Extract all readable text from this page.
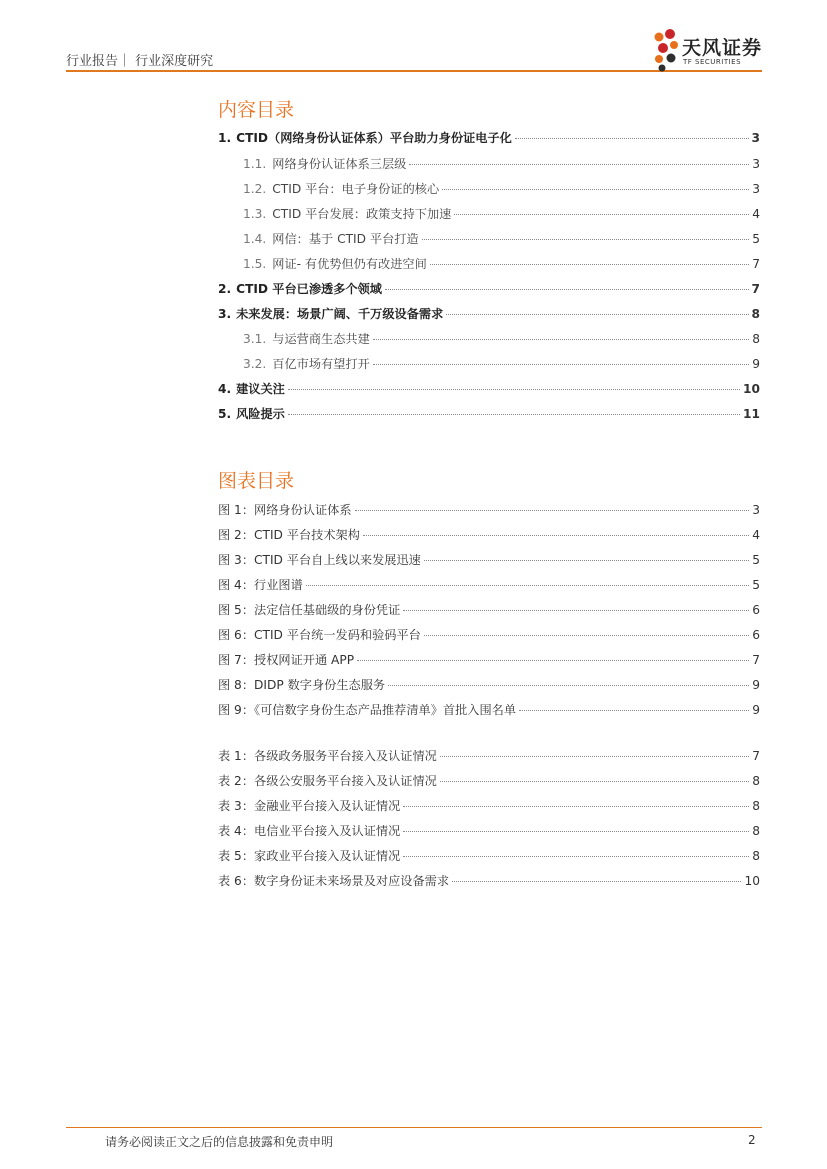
行业报告｜ 行业深度研究
天风证券
TF SECURITIES
内容目录
1. CTID（网络身份认证体系）平台助力身份证电子化	3
1.1. 网络身份认证体系三层级	3
1.2. CTID 平台：电子身份证的核心	3
1.3. CTID 平台发展：政策支持下加速	4
1.4. 网信：基于 CTID 平台打造	5
1.5. 网证- 有优势但仍有改进空间	7
2. CTID 平台已渗透多个领域	7
3. 未来发展：场景广阔、千万级设备需求	8
3.1. 与运营商生态共建	8
3.2. 百亿市场有望打开	9
4. 建议关注	10
5. 风险提示	11
图表目录
图 1：网络身份认证体系	3
图 2：CTID 平台技术架构	4
图 3：CTID 平台自上线以来发展迅速	5
图 4：行业图谱	5
图 5：法定信任基础级的身份凭证	6
图 6：CTID 平台统一发码和验码平台	6
图 7：授权网证开通 APP	7
图 8：DIDP 数字身份生态服务	9
图 9：《可信数字身份生态产品推荐清单》首批入围名单	9
表 1：各级政务服务平台接入及认证情况	7
表 2：各级公安服务平台接入及认证情况	8
表 3：金融业平台接入及认证情况	8
表 4：电信业平台接入及认证情况	8
表 5：家政业平台接入及认证情况	8
表 6：数字身份证未来场景及对应设备需求	10
请务必阅读正文之后的信息披露和免责申明	2
